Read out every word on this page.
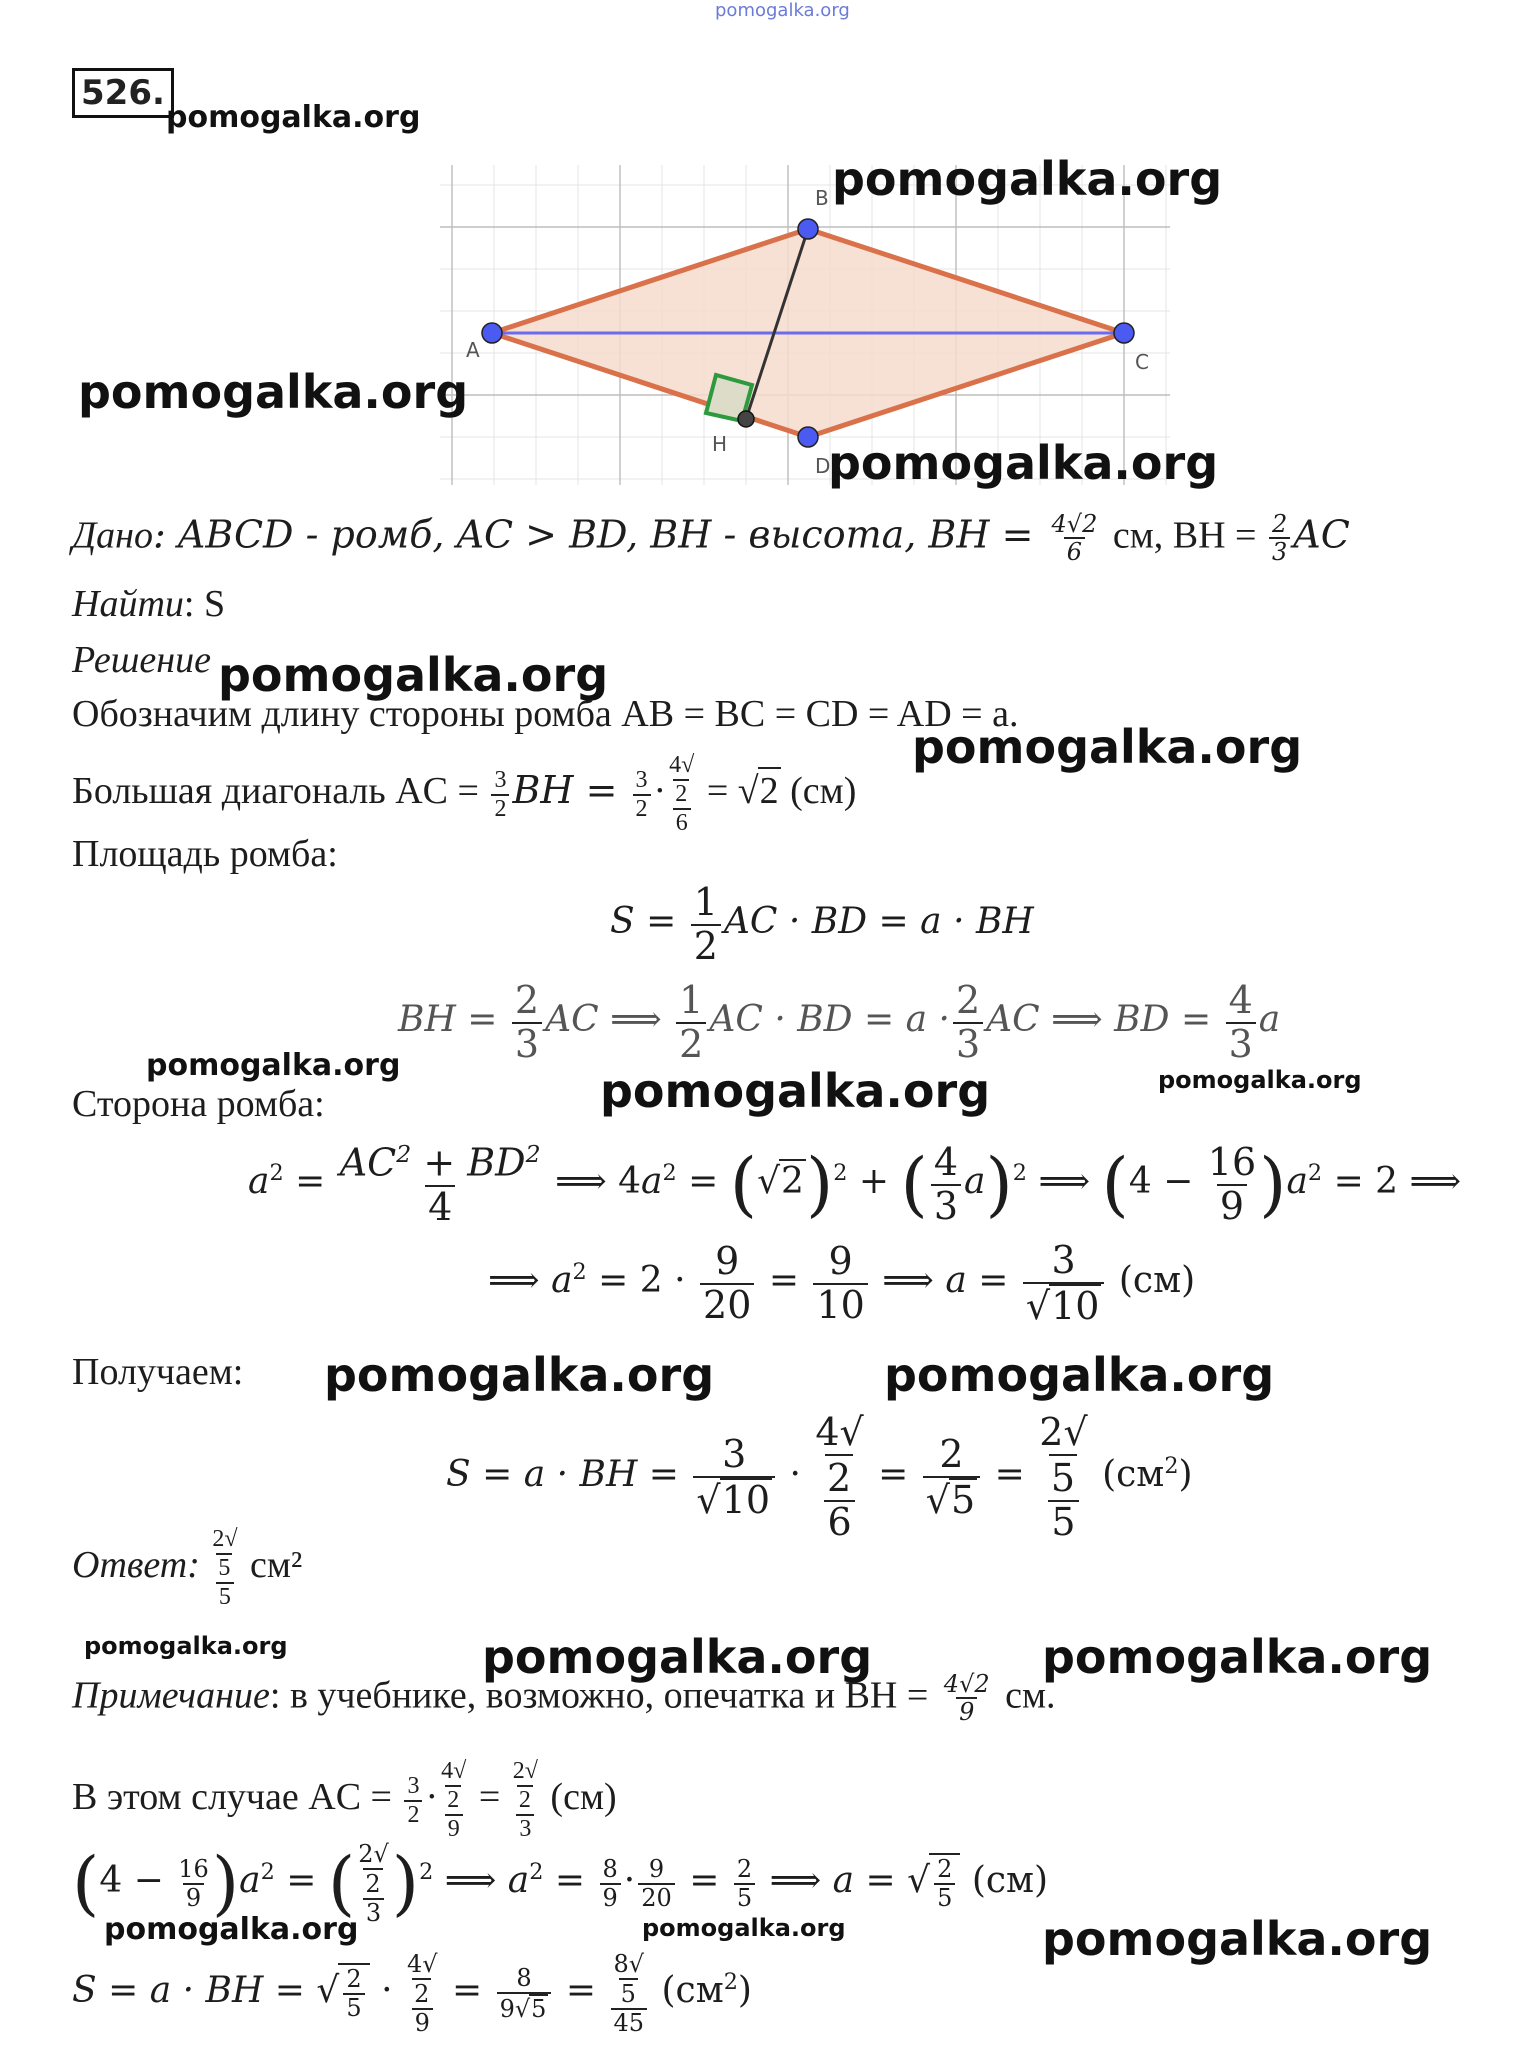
pomogalka.org
526.
pomogalka.org
A
B
C
D
H
pomogalka.org
pomogalka.org
pomogalka.org
Дано: ABCD - ромб, AC > BD, BH - высота, BH = $\frac{4√2}{6}$ см, BH = $\frac{2}{3}$ AC
Найти: S
Решение pomogalka.org
Обозначим длину стороны ромба AB = BC = CD = AD = a.
pomogalka.org
Большая диагональ AC = 3
2 BH = 3
2 ·4√
2
6
= √2 (см)
Площадь ромба:
S = 1
2
AC · BD = a · BH
BH = 2
3
AC ⟹ 1
2
AC · BD = a · 2
3
AC ⟹ BD = 4
3
a
pomogalka.org	pomogalka.org
Сторона ромба:	pomogalka.org
$a^2 = \frac{AC^2 + BD^2}{4}$ ⟹ $4a^2 = (√2)^2$ + ( 4
3
a)$^2$ ⟹ (4 − 16
9 )$a^2 = 2$ ⟹
⟹ $a^2 = 2 \cdot 9$
20
= 9
10
⟹ a = 3
√10
(см)
Получаем: pomogalka.org	pomogalka.org
S = a · BH = 3
√10
· 4√
2
6
= 2
√5
= 2√
5
5
$(см^2)$
Ответ: 2√
5
5
см²
pomogalka.org	pomogalka.org	pomogalka.org
Примечание: в учебнике, возможно, опечатка и BH = $\frac{4√2}{9}$ см.
В этом случае AC = 3
2 ·4√
2
9
= 2√
2
3
(см)
(4 − 16
9 )$a^2$ = ( 2√
2
3 )$^2$ ⟹ $a^2 = 8$
9 · 9
20 = 2
5 ⟹ a = √ 2
5 (см)
pomogalka.org	pomogalka.org	pomogalka.org
S = a · BH = √ 2
5 · 4√
2
9
= 8
9√5 = 8√
5
45
$(см^2)$
